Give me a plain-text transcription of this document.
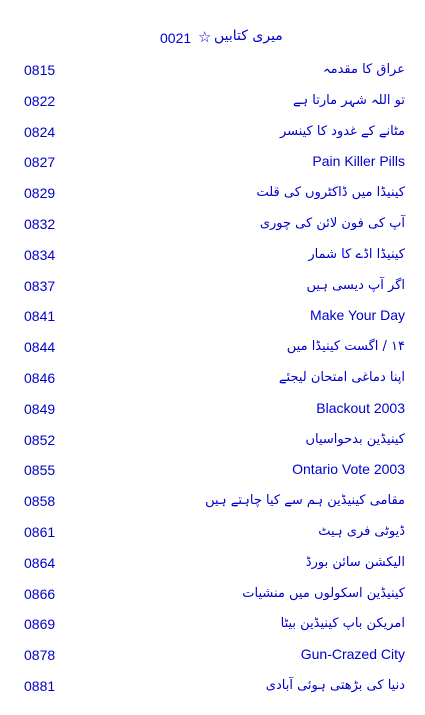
0021 ☆ میری کتابیں
0815	عراق کا مقدمہ
0822	تو اللہ شہر مارتا ہے
0824	مٹانے کے غدود کا کینسر
0827	Pain Killer Pills
0829	کینیڈا میں ڈاکٹروں کی قلت
0832	آپ کی فون لائن کی چوری
0834	کینیڈا اڈے کا شمار
0837	اگر آپ دیسی ہیں
0841	Make Your Day
0844	۱۴ / اگست کینیڈا میں
0846	اپنا دماغی امتحان لیجئے
0849	Blackout 2003
0852	کینیڈین بدحواسیاں
0855	Ontario Vote 2003
0858	مقامی کینیڈین ہم سے کیا چاہتے ہیں
0861	ڈیوٹی فری ہیٹ
0864	الیکشن سائن بورڈ
0866	کینیڈین اسکولوں میں منشیات
0869	امریکن باپ کینیڈین بیٹا
0878	Gun-Crazed City
0881	دنیا کی بڑھتی ہوئی آبادی
